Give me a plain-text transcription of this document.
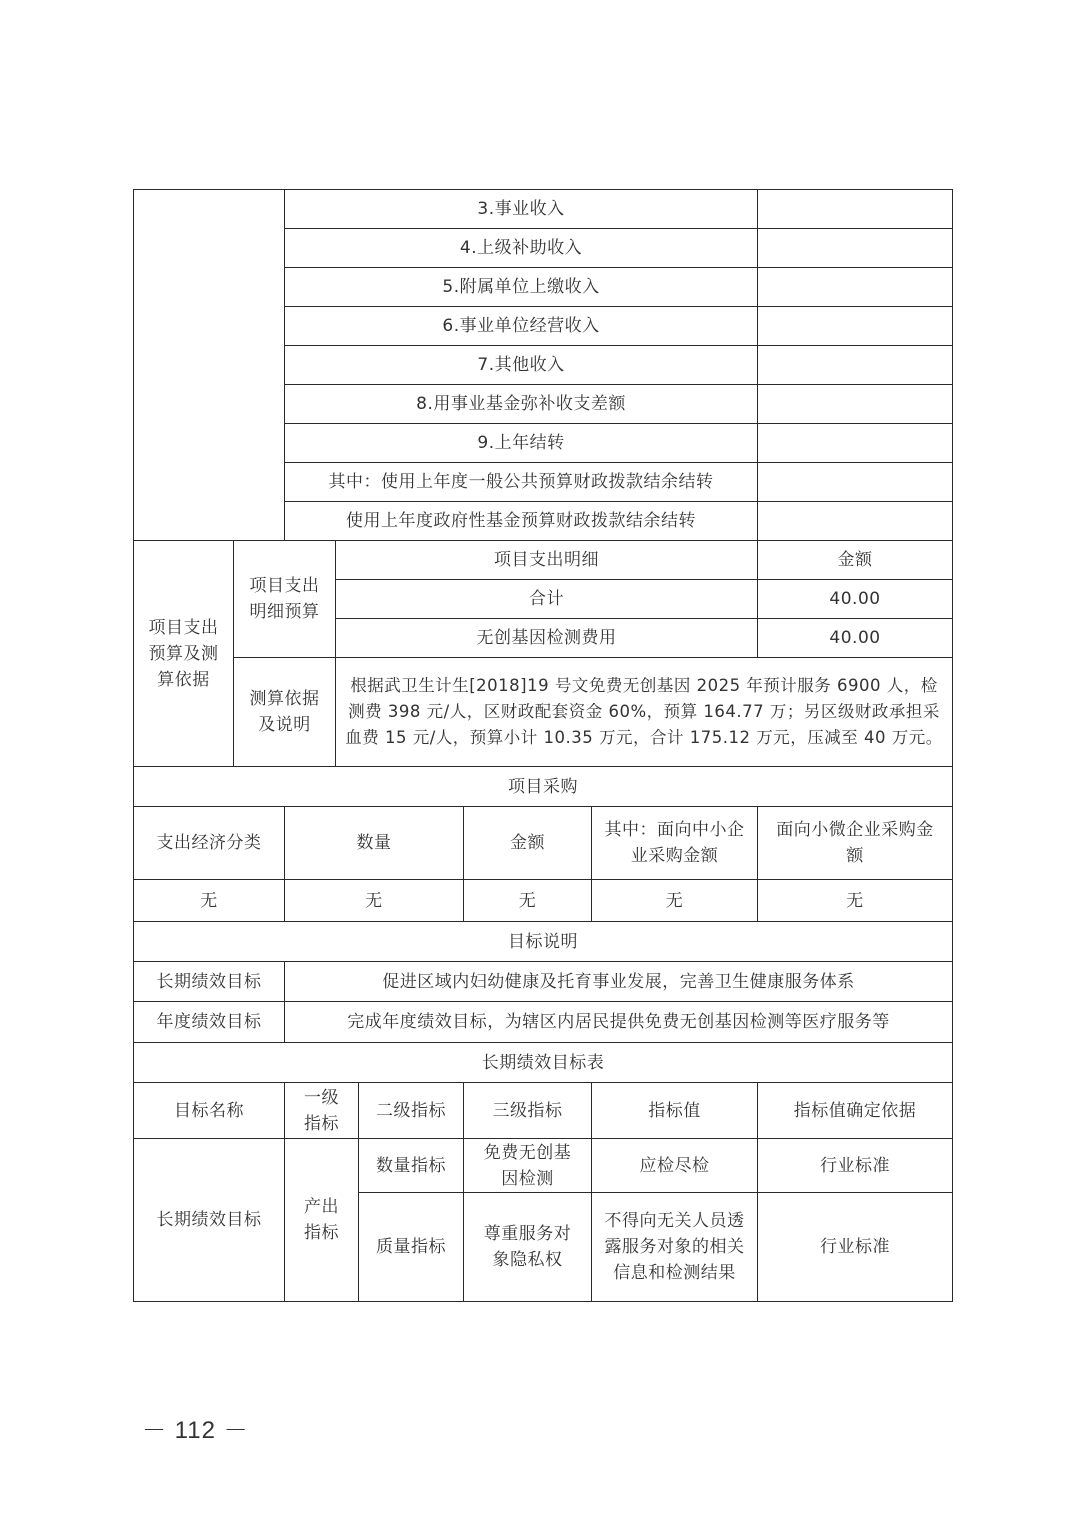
		3.事业收入					
		4.上级补助收入					
		5.附属单位上缴收入					
		6.事业单位经营收入					
		7.其他收入					
		8.用事业基金弥补收支差额					
		9.上年结转					
		其中：使用上年度一般公共预算财政拨款结余结转					
		使用上年度政府性基金预算财政拨款结余结转					
项目支出预算及测算依据	项目支出明细预算		项目支出明细				金额
			合计				40.00
			无创基因检测费用				40.00
	测算依据及说明		根据武卫生计生[2018]19 号文免费无创基因 2025 年预计服务 6900 人，检测费 398 元/人，区财政配套资金 60%，预算 164.77 万；另区级财政承担采血费 15 元/人，预算小计 10.35 万元，合计 175.12 万元，压减至 40 万元。				
项目采购							
支出经济分类		数量			金额	其中：面向中小企业采购金额	面向小微企业采购金额
无		无			无	无	无
目标说明							
长期绩效目标		促进区域内妇幼健康及托育事业发展，完善卫生健康服务体系					
年度绩效目标		完成年度绩效目标，为辖区内居民提供免费无创基因检测等医疗服务等					
长期绩效目标表							
目标名称		一级指标		二级指标	三级指标	指标值	指标值确定依据
长期绩效目标		产出指标		数量指标	免费无创基因检测	应检尽检	行业标准
				质量指标	尊重服务对象隐私权	不得向无关人员透露服务对象的相关信息和检测结果	行业标准
－ 112 －
